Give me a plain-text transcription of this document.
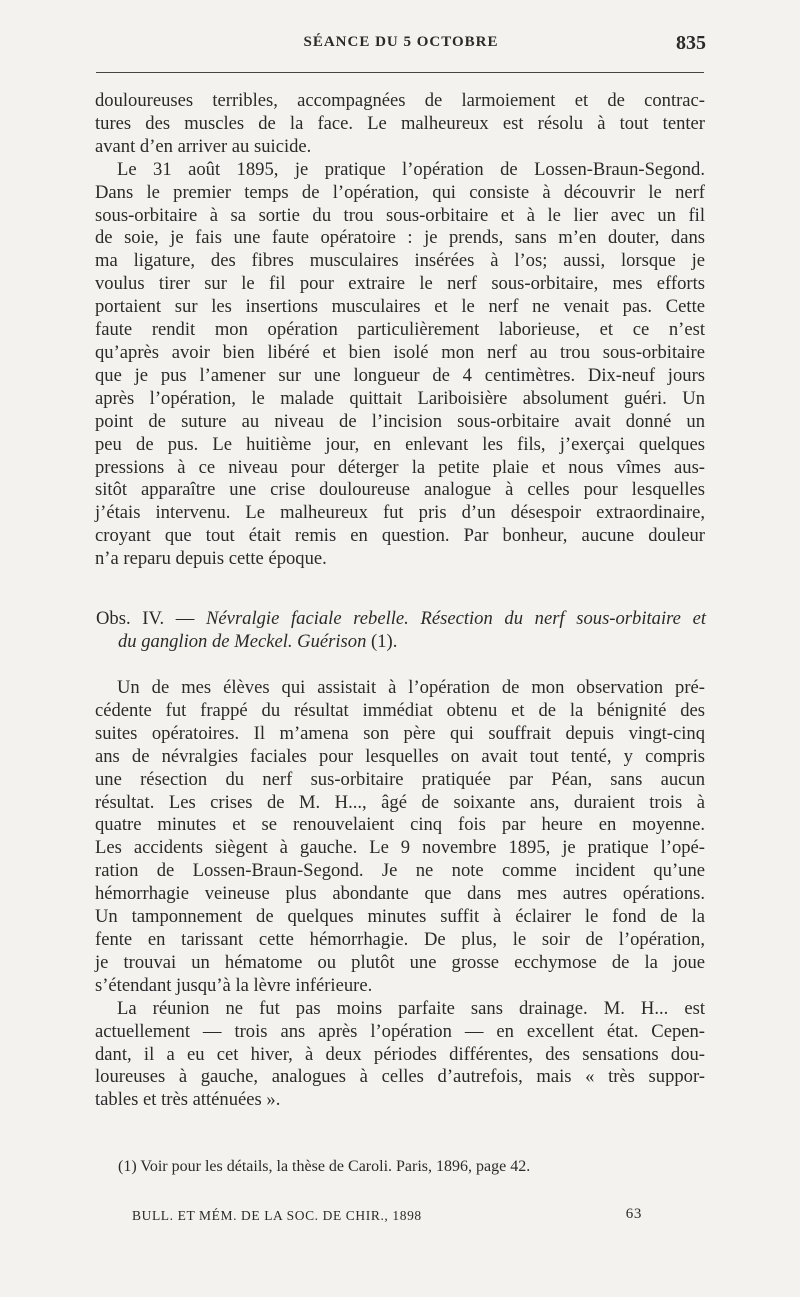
SÉANCE DU 5 OCTOBRE	835

douloureuses terribles, accompagnées de larmoiement et de contrac-
tures des muscles de la face. Le malheureux est résolu à tout tenter
avant d’en arriver au suicide.

Le 31 août 1895, je pratique l’opération de Lossen-Braun-Segond.
Dans le premier temps de l’opération, qui consiste à découvrir le nerf
sous-orbitaire à sa sortie du trou sous-orbitaire et à le lier avec un fil
de soie, je fais une faute opératoire : je prends, sans m’en douter, dans
ma ligature, des fibres musculaires insérées à l’os; aussi, lorsque je
voulus tirer sur le fil pour extraire le nerf sous-orbitaire, mes efforts
portaient sur les insertions musculaires et le nerf ne venait pas. Cette
faute rendit mon opération particulièrement laborieuse, et ce n’est
qu’après avoir bien libéré et bien isolé mon nerf au trou sous-orbitaire
que je pus l’amener sur une longueur de 4 centimètres. Dix-neuf jours
après l’opération, le malade quittait Lariboisière absolument guéri. Un
point de suture au niveau de l’incision sous-orbitaire avait donné un
peu de pus. Le huitième jour, en enlevant les fils, j’exerçai quelques
pressions à ce niveau pour déterger la petite plaie et nous vîmes aus-
sitôt apparaître une crise douloureuse analogue à celles pour lesquelles
j’étais intervenu. Le malheureux fut pris d’un désespoir extraordinaire,
croyant que tout était remis en question. Par bonheur, aucune douleur
n’a reparu depuis cette époque.

Obs. IV. — Névralgie faciale rebelle. Résection du nerf sous-orbitaire et
du ganglion de Meckel. Guérison (1).

Un de mes élèves qui assistait à l’opération de mon observation pré-
cédente fut frappé du résultat immédiat obtenu et de la bénignité des
suites opératoires. Il m’amena son père qui souffrait depuis vingt-cinq
ans de névralgies faciales pour lesquelles on avait tout tenté, y compris
une résection du nerf sus-orbitaire pratiquée par Péan, sans aucun
résultat. Les crises de M. H..., âgé de soixante ans, duraient trois à
quatre minutes et se renouvelaient cinq fois par heure en moyenne.
Les accidents siègent à gauche. Le 9 novembre 1895, je pratique l’opé-
ration de Lossen-Braun-Segond. Je ne note comme incident qu’une
hémorrhagie veineuse plus abondante que dans mes autres opérations.
Un tamponnement de quelques minutes suffit à éclairer le fond de la
fente en tarissant cette hémorrhagie. De plus, le soir de l’opération,
je trouvai un hématome ou plutôt une grosse ecchymose de la joue
s’étendant jusqu’à la lèvre inférieure.

La réunion ne fut pas moins parfaite sans drainage. M. H... est
actuellement — trois ans après l’opération — en excellent état. Cepen-
dant, il a eu cet hiver, à deux périodes différentes, des sensations dou-
loureuses à gauche, analogues à celles d’autrefois, mais « très suppor-
tables et très atténuées ».

(1) Voir pour les détails, la thèse de Caroli. Paris, 1896, page 42.
BULL. ET MÉM. DE LA SOC. DE CHIR., 1898	63
